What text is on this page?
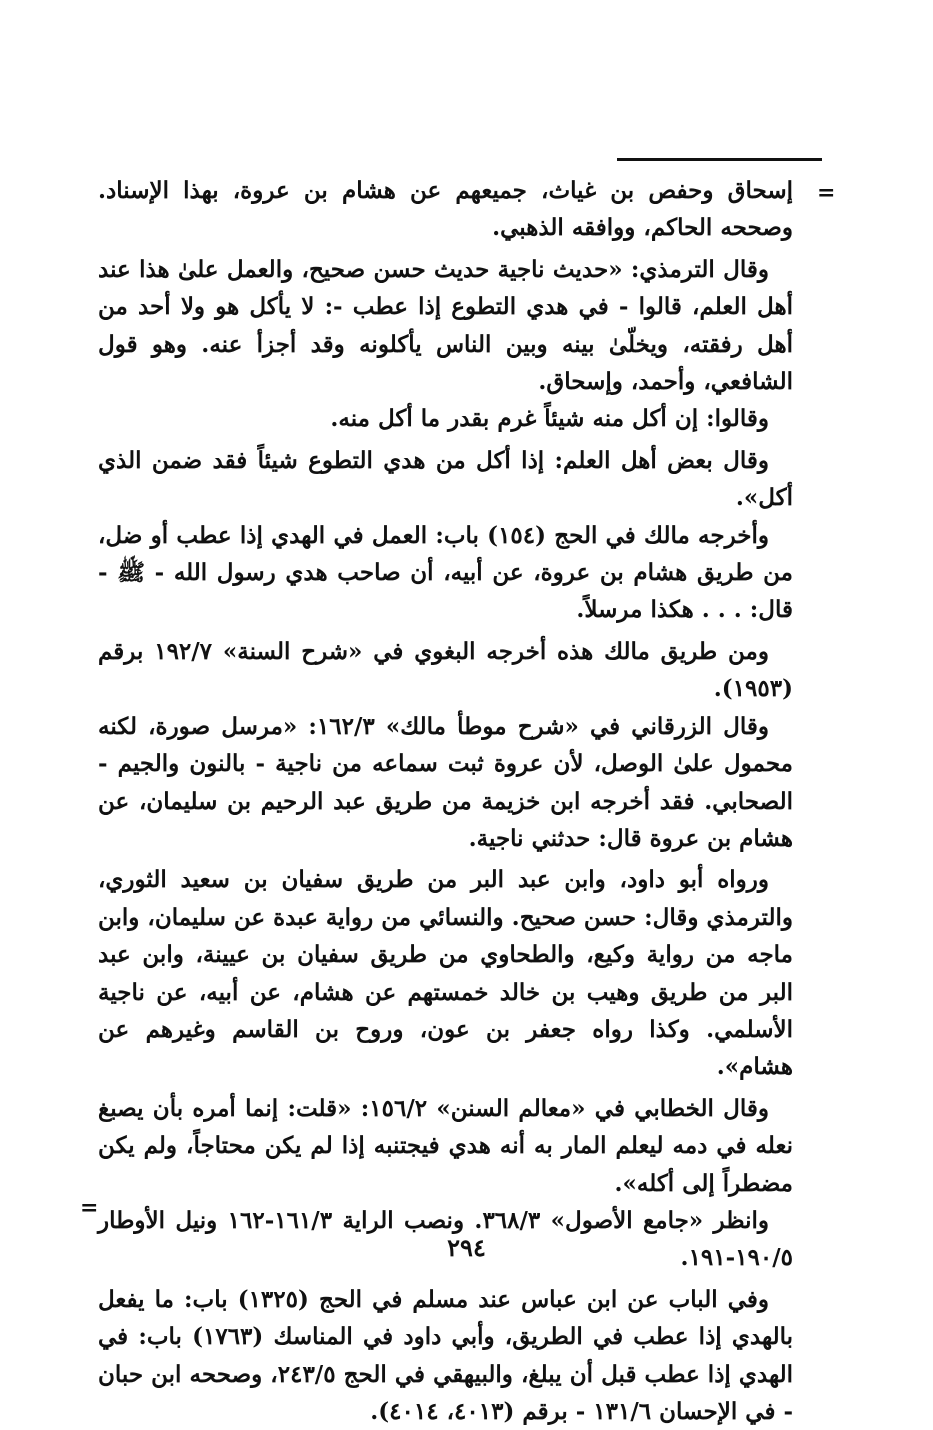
=
=

إسحاق وحفص بن غياث، جميعهم عن هشام بن عروة، بهذا الإسناد. وصححه الحاكم، ووافقه الذهبي.

وقال الترمذي: «حديث ناجية حديث حسن صحيح، والعمل علىٰ هذا عند أهل العلم، قالوا - في هدي التطوع إذا عطب -: لا يأكل هو ولا أحد من أهل رفقته، ويخلّىٰ بينه وبين الناس يأكلونه وقد أجزأ عنه. وهو قول الشافعي، وأحمد، وإسحاق.

وقالوا: إن أكل منه شيئاً غرم بقدر ما أكل منه.

وقال بعض أهل العلم: إذا أكل من هدي التطوع شيئاً فقد ضمن الذي أكل».

وأخرجه مالك في الحج (١٥٤) باب: العمل في الهدي إذا عطب أو ضل، من طريق هشام بن عروة، عن أبيه، أن صاحب هدي رسول الله - ﷺ - قال: . . . هكذا مرسلاً.

ومن طريق مالك هذه أخرجه البغوي في «شرح السنة» ١٩٢/٧ برقم (١٩٥٣).

وقال الزرقاني في «شرح موطأ مالك» ١٦٢/٣: «مرسل صورة، لكنه محمول علىٰ الوصل، لأن عروة ثبت سماعه من ناجية - بالنون والجيم - الصحابي. فقد أخرجه ابن خزيمة من طريق عبد الرحيم بن سليمان، عن هشام بن عروة قال: حدثني ناجية.

ورواه أبو داود، وابن عبد البر من طريق سفيان بن سعيد الثوري، والترمذي وقال: حسن صحيح. والنسائي من رواية عبدة عن سليمان، وابن ماجه من رواية وكيع، والطحاوي من طريق سفيان بن عيينة، وابن عبد البر من طريق وهيب بن خالد خمستهم عن هشام، عن أبيه، عن ناجية الأسلمي. وكذا رواه جعفر بن عون، وروح بن القاسم وغيرهم عن هشام».

وقال الخطابي في «معالم السنن» ١٥٦/٢: «قلت: إنما أمره بأن يصبغ نعله في دمه ليعلم المار به أنه هدي فيجتنبه إذا لم يكن محتاجاً، ولم يكن مضطراً إلى أكله».

وانظر «جامع الأصول» ٣٦٨/٣. ونصب الراية ١٦١/٣-١٦٢ ونيل الأوطار ١٩٠/٥-١٩١.

وفي الباب عن ابن عباس عند مسلم في الحج (١٣٢٥) باب: ما يفعل بالهدي إذا عطب في الطريق، وأبي داود في المناسك (١٧٦٣) باب: في الهدي إذا عطب قبل أن يبلغ، والبيهقي في الحج ٢٤٣/٥، وصححه ابن حبان - في الإحسان ١٣١/٦ - برقم (٤٠١٣، ٤٠١٤).

٢٩٤
